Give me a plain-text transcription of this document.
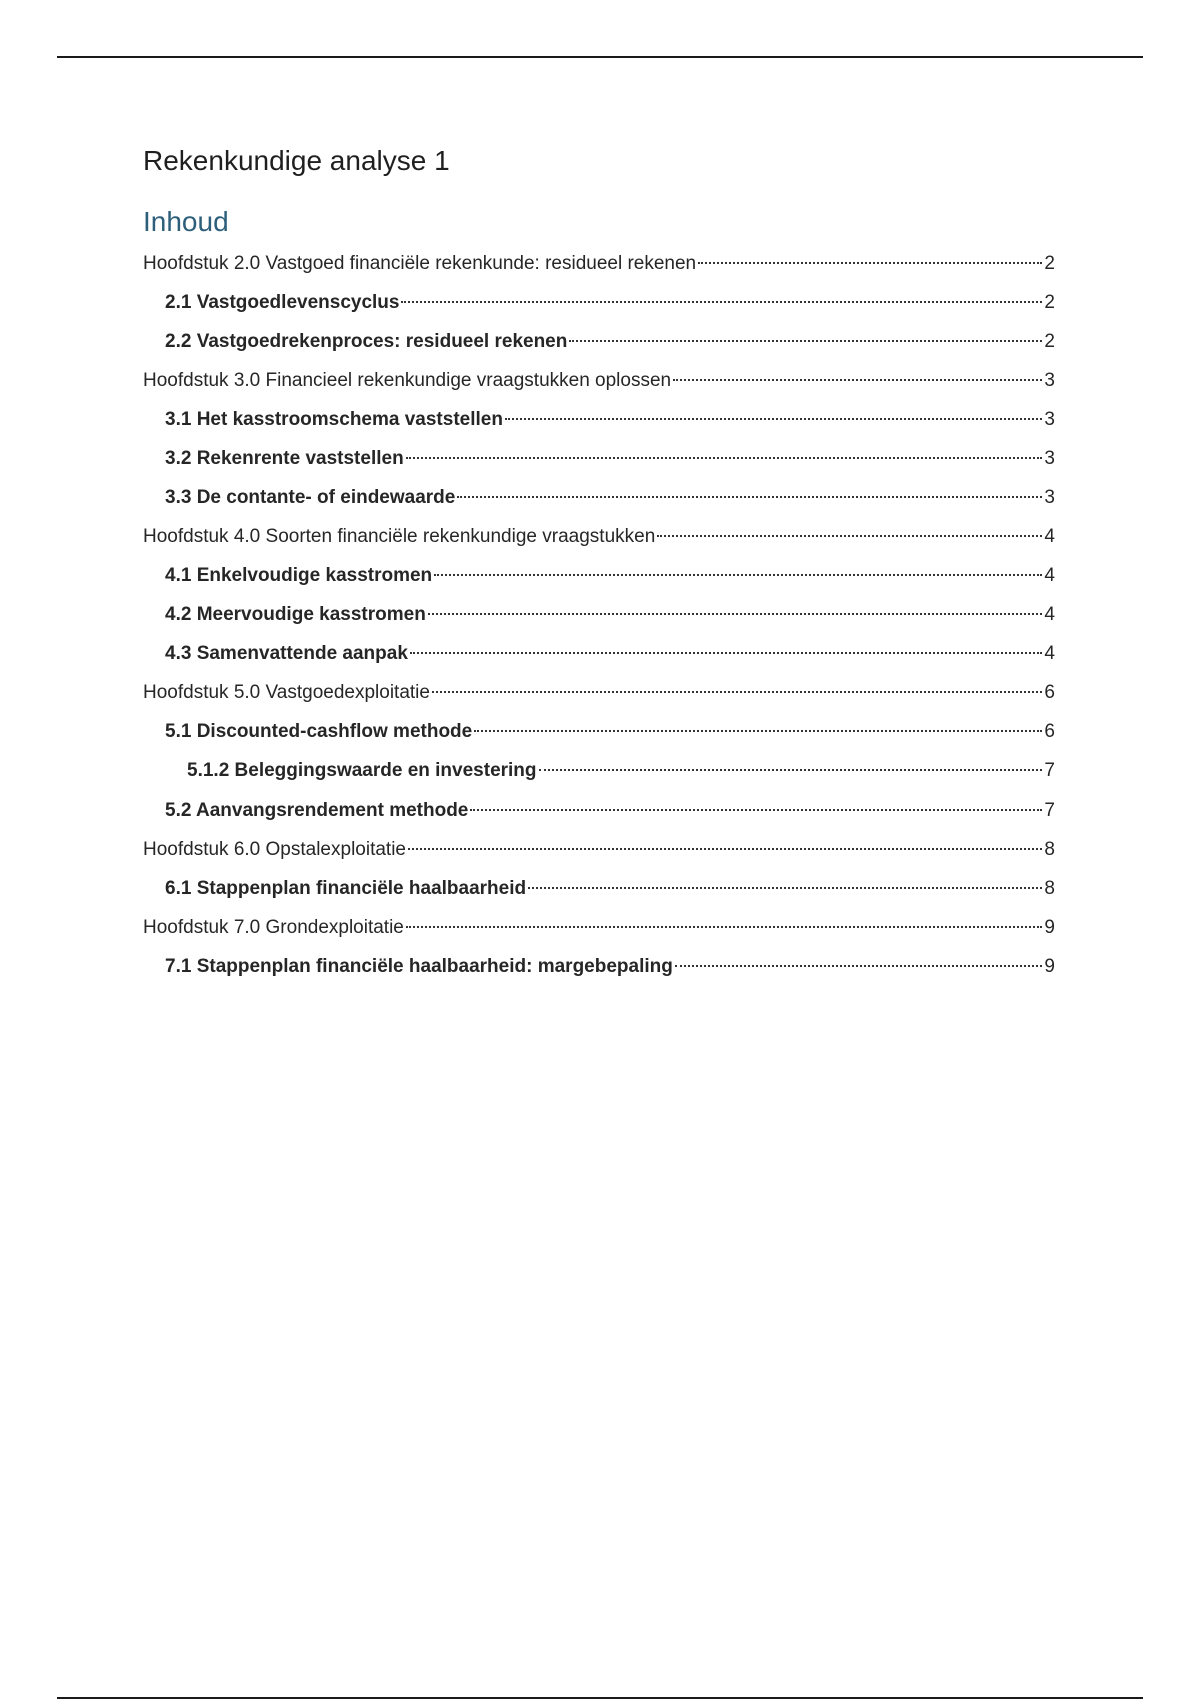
Rekenkundige analyse 1
Inhoud
Hoofdstuk 2.0 Vastgoed financiële rekenkunde: residueel rekenen	2
2.1 Vastgoedlevenscyclus	2
2.2 Vastgoedrekenproces: residueel rekenen	2
Hoofdstuk 3.0 Financieel rekenkundige vraagstukken oplossen	3
3.1 Het kasstroomschema vaststellen	3
3.2 Rekenrente vaststellen	3
3.3 De contante- of eindewaarde	3
Hoofdstuk 4.0 Soorten financiële rekenkundige vraagstukken	4
4.1 Enkelvoudige kasstromen	4
4.2 Meervoudige kasstromen	4
4.3 Samenvattende aanpak	4
Hoofdstuk 5.0 Vastgoedexploitatie	6
5.1 Discounted-cashflow methode	6
5.1.2 Beleggingswaarde en investering	7
5.2 Aanvangsrendement methode	7
Hoofdstuk 6.0 Opstalexploitatie	8
6.1 Stappenplan financiële haalbaarheid	8
Hoofdstuk 7.0 Grondexploitatie	9
7.1 Stappenplan financiële haalbaarheid: margebepaling	9
